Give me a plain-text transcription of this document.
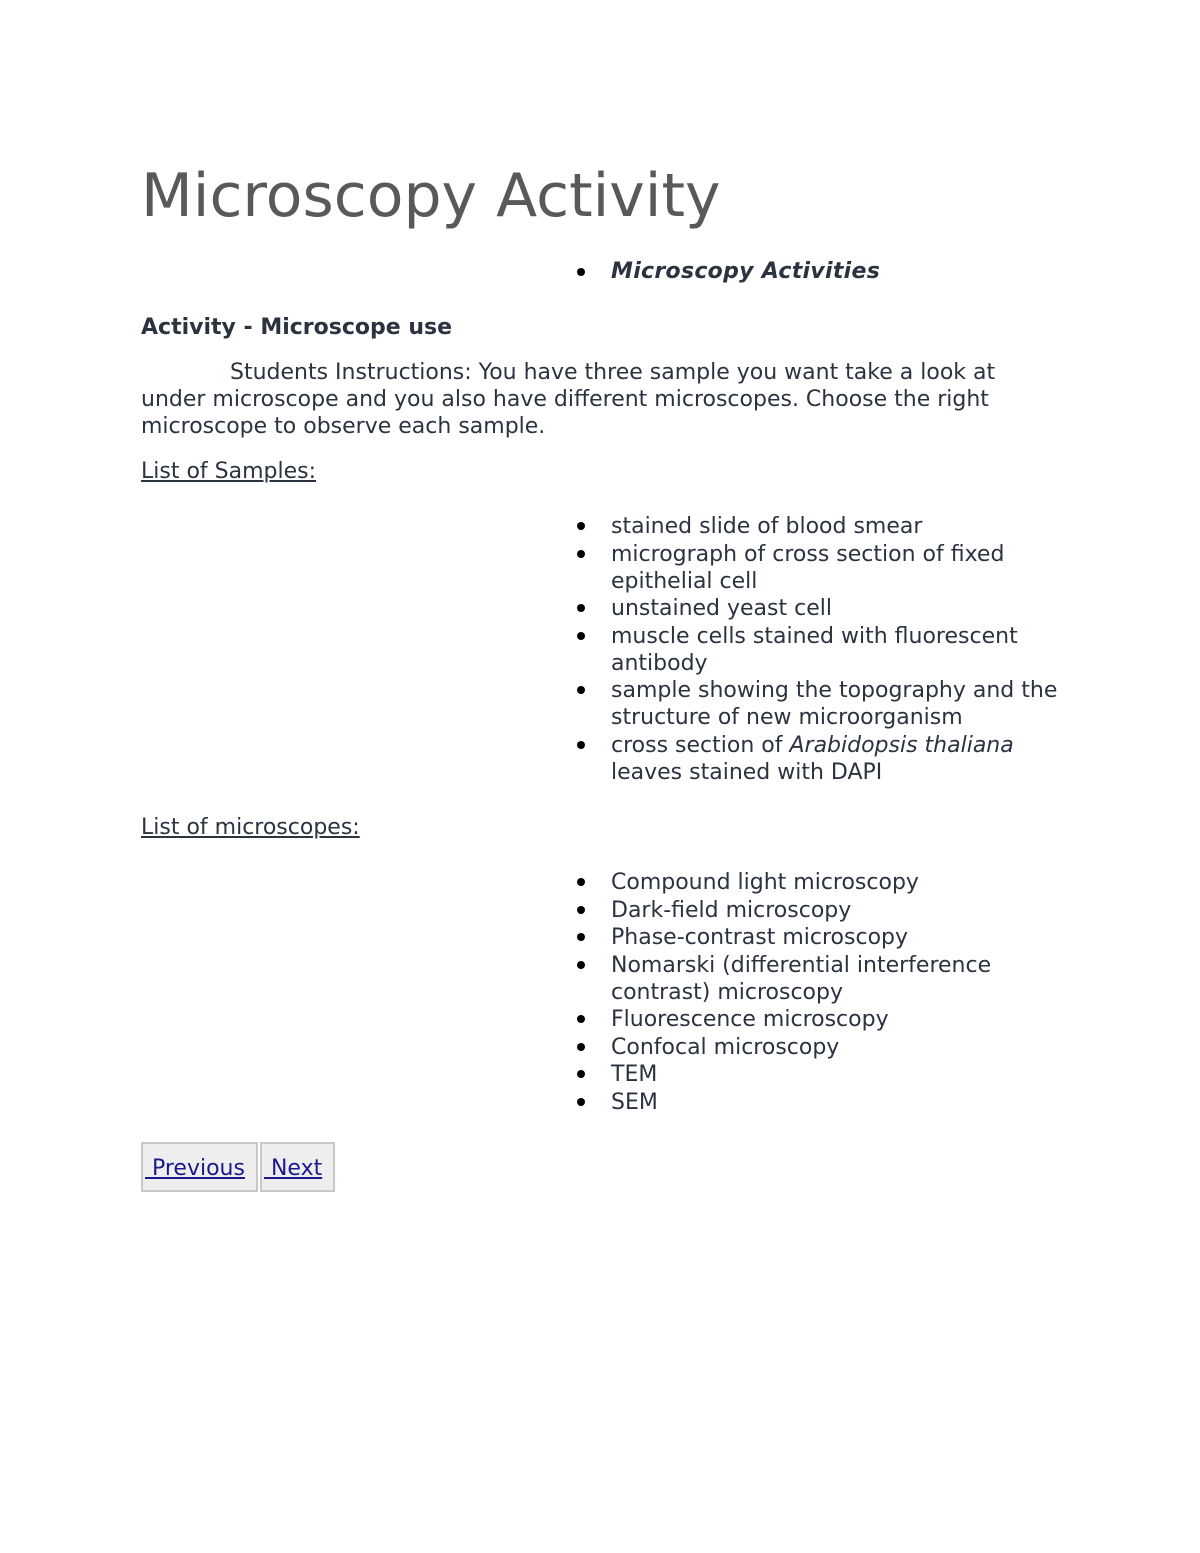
Microscopy Activity
Microscopy Activities
Activity - Microscope use

Students Instructions: You have three sample you want take a look at under microscope and you also have different microscopes. Choose the right microscope to observe each sample.

List of Samples:

stained slide of blood smear
micrograph of cross section of fixed epithelial cell
unstained yeast cell
muscle cells stained with fluorescent antibody
sample showing the topography and the structure of new microorganism
cross section of Arabidopsis thaliana leaves stained with DAPI

List of microscopes:

Compound light microscopy
Dark-field microscopy
Phase-contrast microscopy
Nomarski (differential interference contrast) microscopy
Fluorescence microscopy
Confocal microscopy
TEM
SEM
Previous Next
